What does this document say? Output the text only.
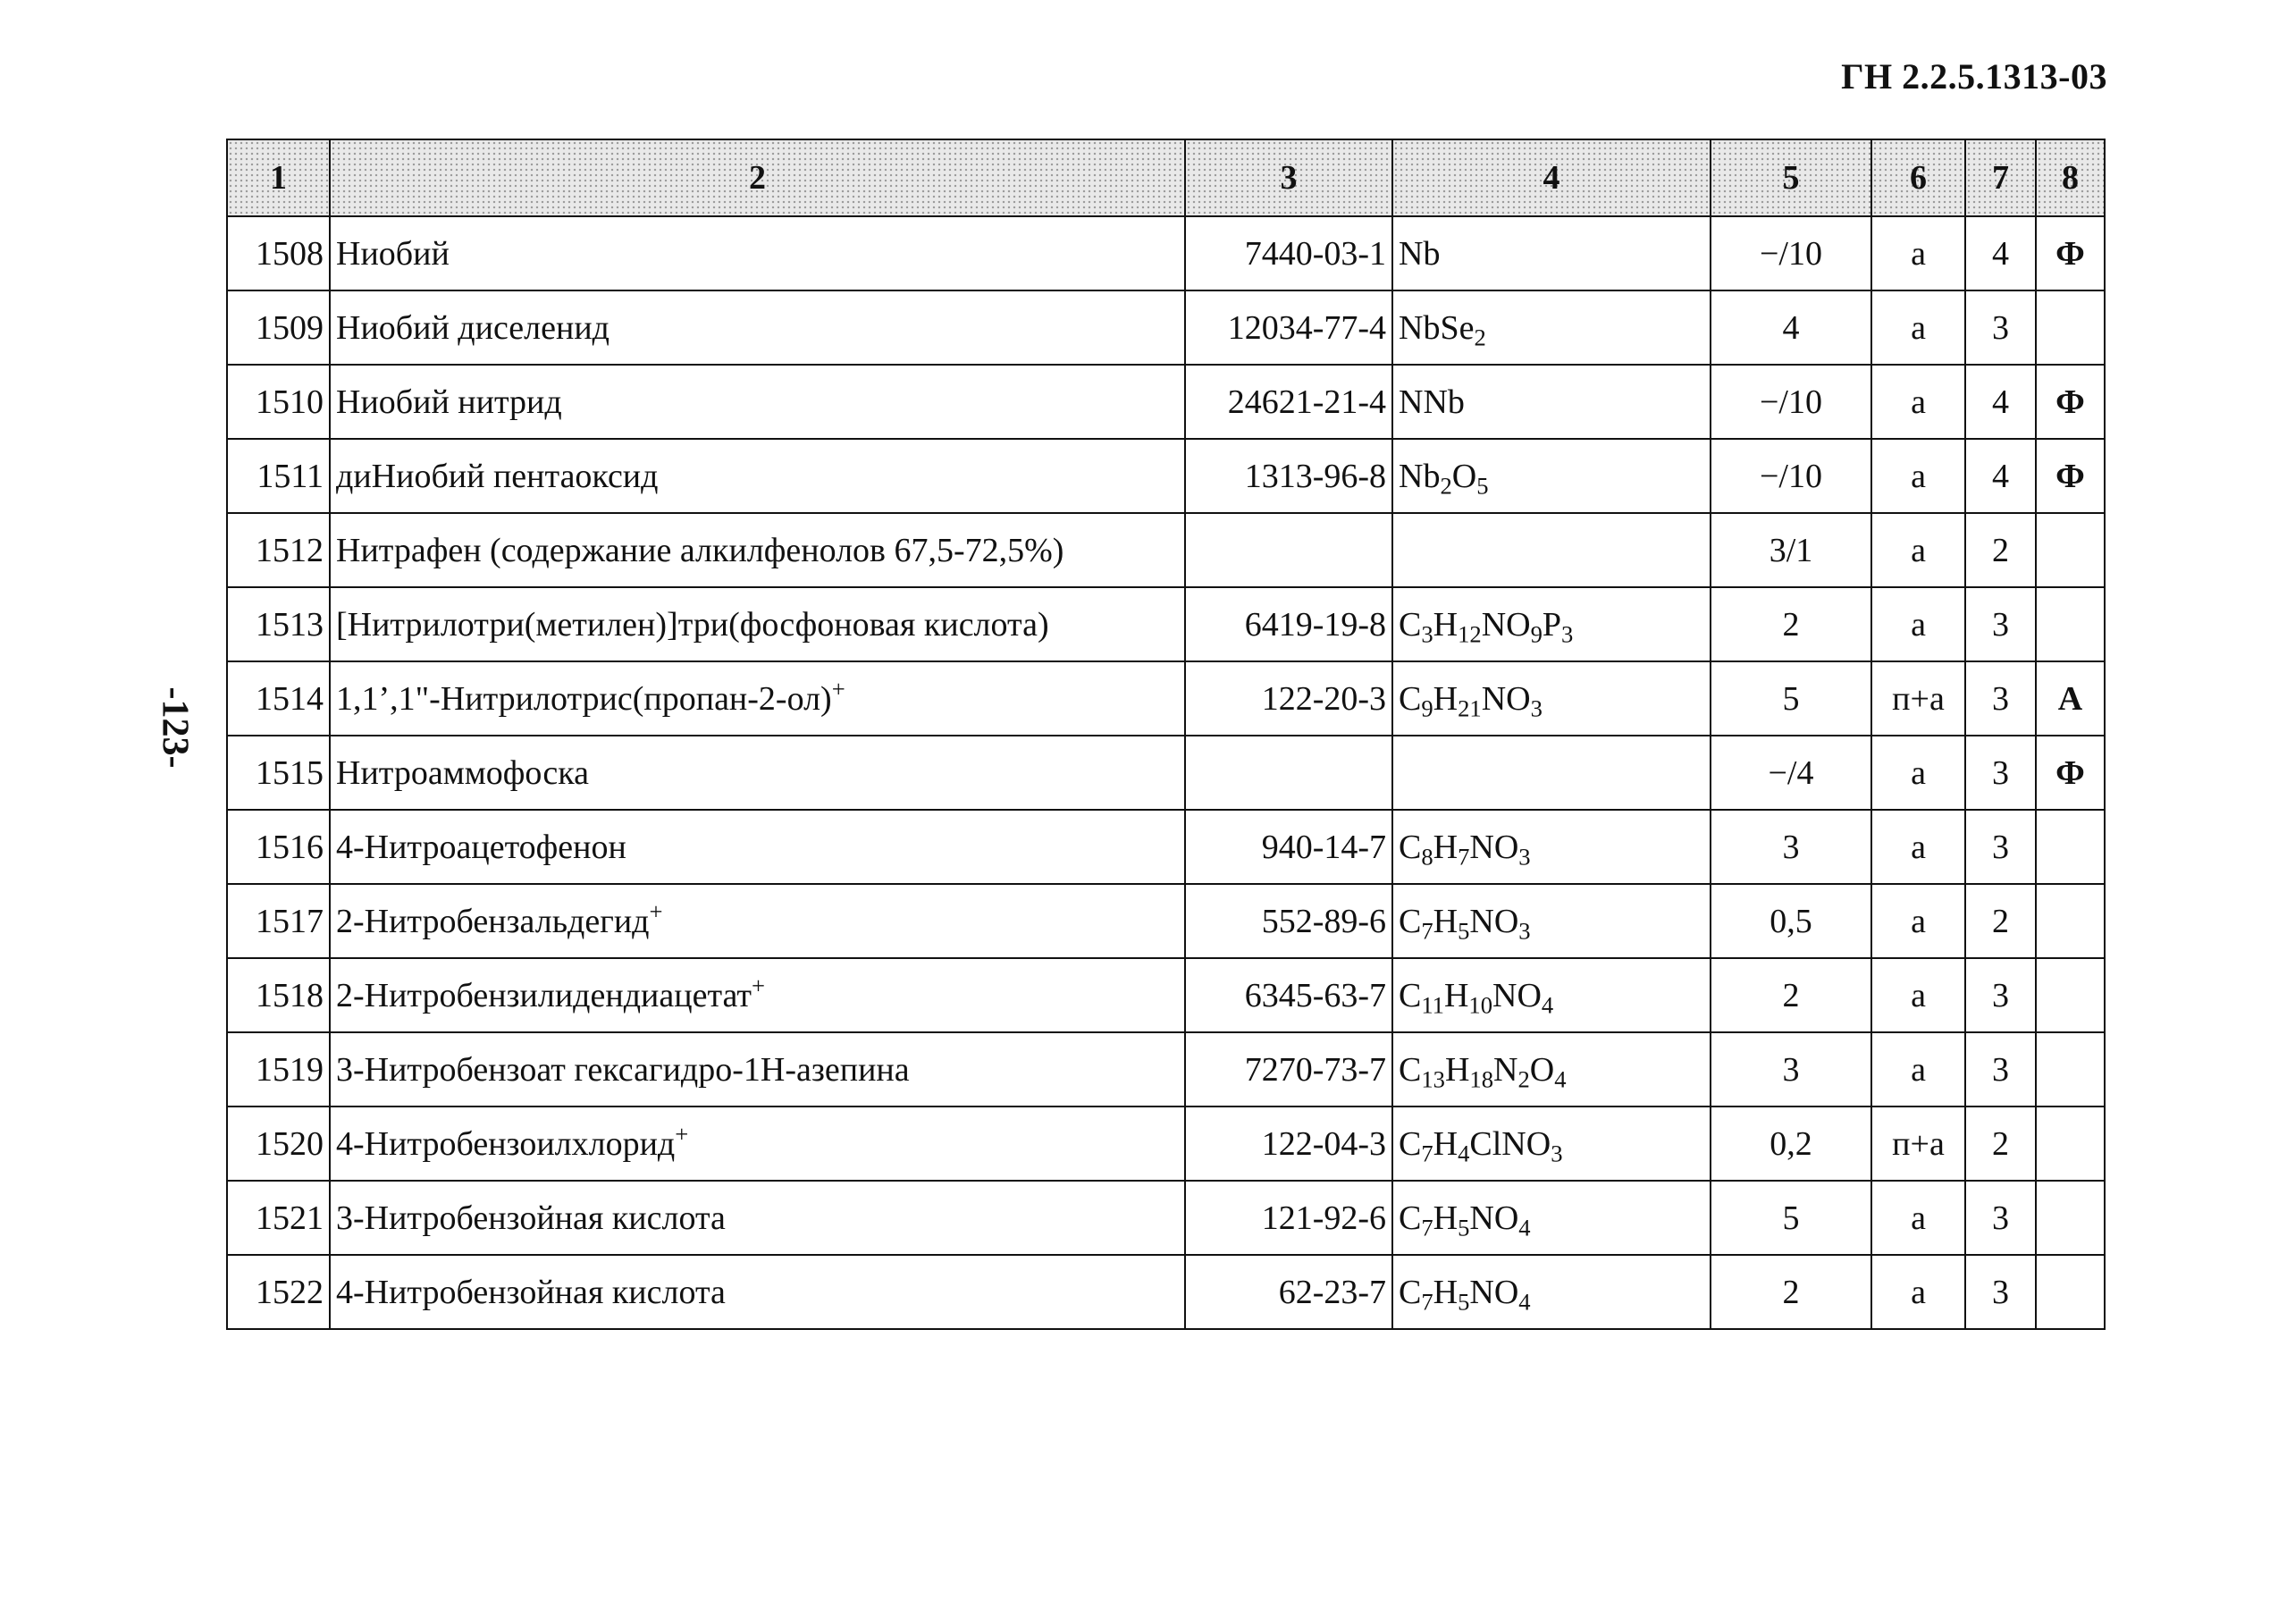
ГН 2.2.5.1313-03
-123-
1	2	3	4	5	6	7	8
1508	Ниобий	7440-03-1	Nb	−/10	а	4	Ф
1509	Ниобий диселенид	12034-77-4	NbSe$_2$	4	а	3	
1510	Ниобий нитрид	24621-21-4	NNb	−/10	а	4	Ф
1511	диНиобий пентаоксид	1313-96-8	$Nb_2O_5$	−/10	а	4	Ф
1512	Нитрафен (содержание алкилфенолов 67,5-72,5%)			3/1	а	2	
1513	[Нитрилотри(метилен)]три(фосфоновая кислота)	6419-19-8	$C_3H_{12}NO_9P_3$	2	а	3	
1514	1,1’,1"-Нитрилотрис(пропан-2-ол)+	122-20-3	$C_9H_{21}NO_3$	5	п+а	3	А
1515	Нитроаммофоска			−/4	а	3	Ф
1516	4-Нитроацетофенон	940-14-7	$C_8H_7NO_3$	3	а	3	
1517	2-Нитробензальдегид+	552-89-6	$C_7H_5NO_3$	0,5	а	2	
1518	2-Нитробензилидендиацетат+	6345-63-7	$C_{11}H_{10}NO_4$	2	а	3	
1519	3-Нитробензоат гексагидро-1Н-азепина	7270-73-7	$C_{13}H_{18}N_2O_4$	3	а	3	
1520	4-Нитробензоилхлорид+	122-04-3	$C_7H_4ClNO_3$	0,2	п+а	2	
1521	3-Нитробензойная кислота	121-92-6	$C_7H_5NO_4$	5	а	3	
1522	4-Нитробензойная кислота	62-23-7	$C_7H_5NO_4$	2	а	3	
